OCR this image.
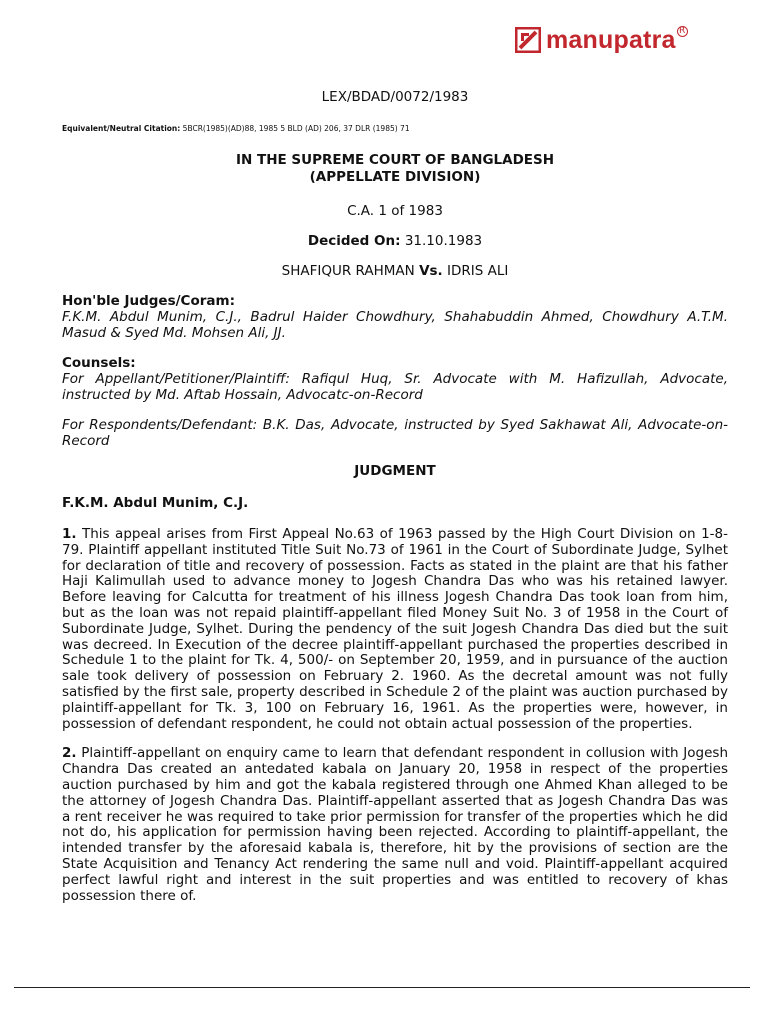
manupatra R
LEX/BDAD/0072/1983
Equivalent/Neutral Citation: 5BCR(1985)(AD)88, 1985 5 BLD (AD) 206, 37 DLR (1985) 71
IN THE SUPREME COURT OF BANGLADESH
(APPELLATE DIVISION)
C.A. 1 of 1983
Decided On: 31.10.1983
SHAFIQUR RAHMAN Vs. IDRIS ALI
Hon'ble Judges/Coram:
F.K.M. Abdul Munim, C.J., Badrul Haider Chowdhury, Shahabuddin Ahmed, Chowdhury A.T.M. Masud & Syed Md. Mohsen Ali, JJ.
Counsels:
For Appellant/Petitioner/Plaintiff: Rafiqul Huq, Sr. Advocate with M. Hafizullah, Advocate, instructed by Md. Aftab Hossain, Advocatc-on-Record
For Respondents/Defendant: B.K. Das, Advocate, instructed by Syed Sakhawat Ali, Advocate-on-Record
JUDGMENT
F.K.M. Abdul Munim, C.J.
1. This appeal arises from First Appeal No.63 of 1963 passed by the High Court Division on 1-8-79. Plaintiff appellant instituted Title Suit No.73 of 1961 in the Court of Subordinate Judge, Sylhet for declaration of title and recovery of possession. Facts as stated in the plaint are that his father Haji Kalimullah used to advance money to Jogesh Chandra Das who was his retained lawyer. Before leaving for Calcutta for treatment of his illness Jogesh Chandra Das took loan from him, but as the loan was not repaid plaintiff-appellant filed Money Suit No. 3 of 1958 in the Court of Subordinate Judge, Sylhet. During the pendency of the suit Jogesh Chandra Das died but the suit was decreed. In Execution of the decree plaintiff-appellant purchased the properties described in Schedule 1 to the plaint for Tk. 4, 500/- on September 20, 1959, and in pursuance of the auction sale took delivery of possession on February 2. 1960. As the decretal amount was not fully satisfied by the first sale, property described in Schedule 2 of the plaint was auction purchased by plaintiff-appellant for Tk. 3, 100 on February 16, 1961. As the properties were, however, in possession of defendant respondent, he could not obtain actual possession of the properties.
2. Plaintiff-appellant on enquiry came to learn that defendant respondent in collusion with Jogesh Chandra Das created an antedated kabala on January 20, 1958 in respect of the properties auction purchased by him and got the kabala registered through one Ahmed Khan alleged to be the attorney of Jogesh Chandra Das. Plaintiff-appellant asserted that as Jogesh Chandra Das was a rent receiver he was required to take prior permission for transfer of the properties which he did not do, his application for permission having been rejected. According to plaintiff-appellant, the intended transfer by the aforesaid kabala is, therefore, hit by the provisions of section are the State Acquisition and Tenancy Act rendering the same null and void. Plaintiff-appellant acquired perfect lawful right and interest in the suit properties and was entitled to recovery of khas possession there of.
